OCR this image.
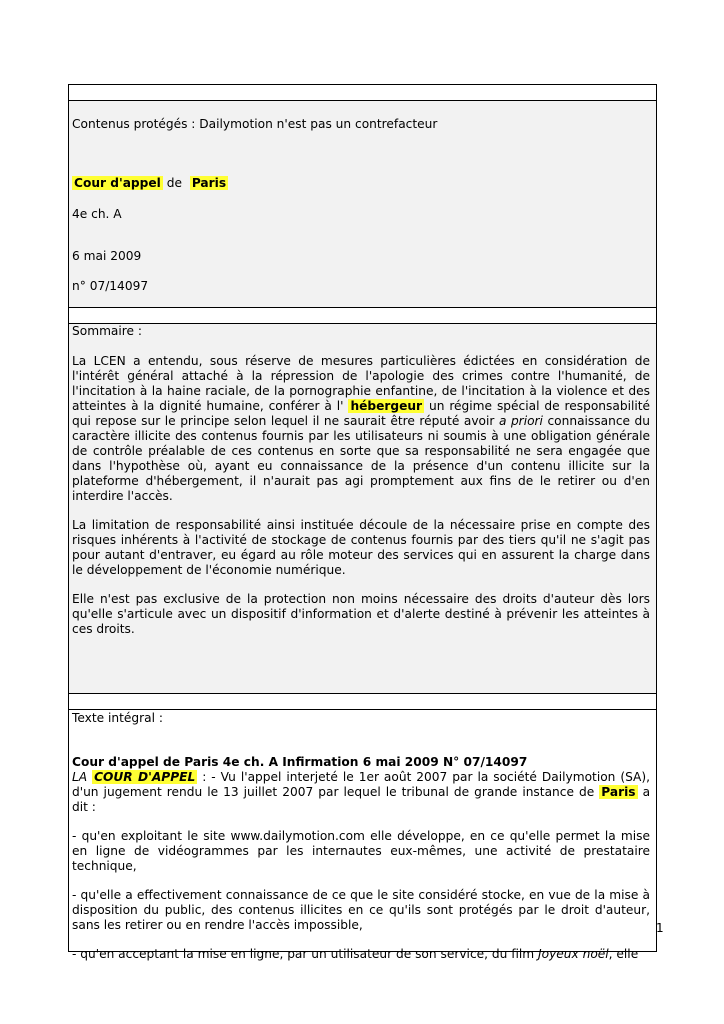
Contenus protégés : Dailymotion n'est pas un contrefacteur
Cour d'appel de Paris
4e ch. A
6 mai 2009
n° 07/14097
Sommaire :

La LCEN a entendu, sous réserve de mesures particulières édictées en considération de l'intérêt général attaché à la répression de l'apologie des crimes contre l'humanité, de l'incitation à la haine raciale, de la pornographie enfantine, de l'incitation à la violence et des atteintes à la dignité humaine, conférer à l' hébergeur un régime spécial de responsabilité qui repose sur le principe selon lequel il ne saurait être réputé avoir a priori connaissance du caractère illicite des contenus fournis par les utilisateurs ni soumis à une obligation générale de contrôle préalable de ces contenus en sorte que sa responsabilité ne sera engagée que dans l'hypothèse où, ayant eu connaissance de la présence d'un contenu illicite sur la plateforme d'hébergement, il n'aurait pas agi promptement aux fins de le retirer ou d'en interdire l'accès.

La limitation de responsabilité ainsi instituée découle de la nécessaire prise en compte des risques inhérents à l'activité de stockage de contenus fournis par des tiers qu'il ne s'agit pas pour autant d'entraver, eu égard au rôle moteur des services qui en assurent la charge dans le développement de l'économie numérique.

Elle n'est pas exclusive de la protection non moins nécessaire des droits d'auteur dès lors qu'elle s'articule avec un dispositif d'information et d'alerte destiné à prévenir les atteintes à ces droits.

Texte intégral :
Cour d'appel de Paris 4e ch. A Infirmation 6 mai 2009 N° 07/14097

LA COUR D'APPEL : - Vu l'appel interjeté le 1er août 2007 par la société Dailymotion (SA), d'un jugement rendu le 13 juillet 2007 par lequel le tribunal de grande instance de Paris a dit :

- qu'en exploitant le site www.dailymotion.com elle développe, en ce qu'elle permet la mise en ligne de vidéogrammes par les internautes eux-mêmes, une activité de prestataire technique,

- qu'elle a effectivement connaissance de ce que le site considéré stocke, en vue de la mise à disposition du public, des contenus illicites en ce qu'ils sont protégés par le droit d'auteur, sans les retirer ou en rendre l'accès impossible,

- qu'en acceptant la mise en ligne, par un utilisateur de son service, du film Joyeux noël, elle

1
